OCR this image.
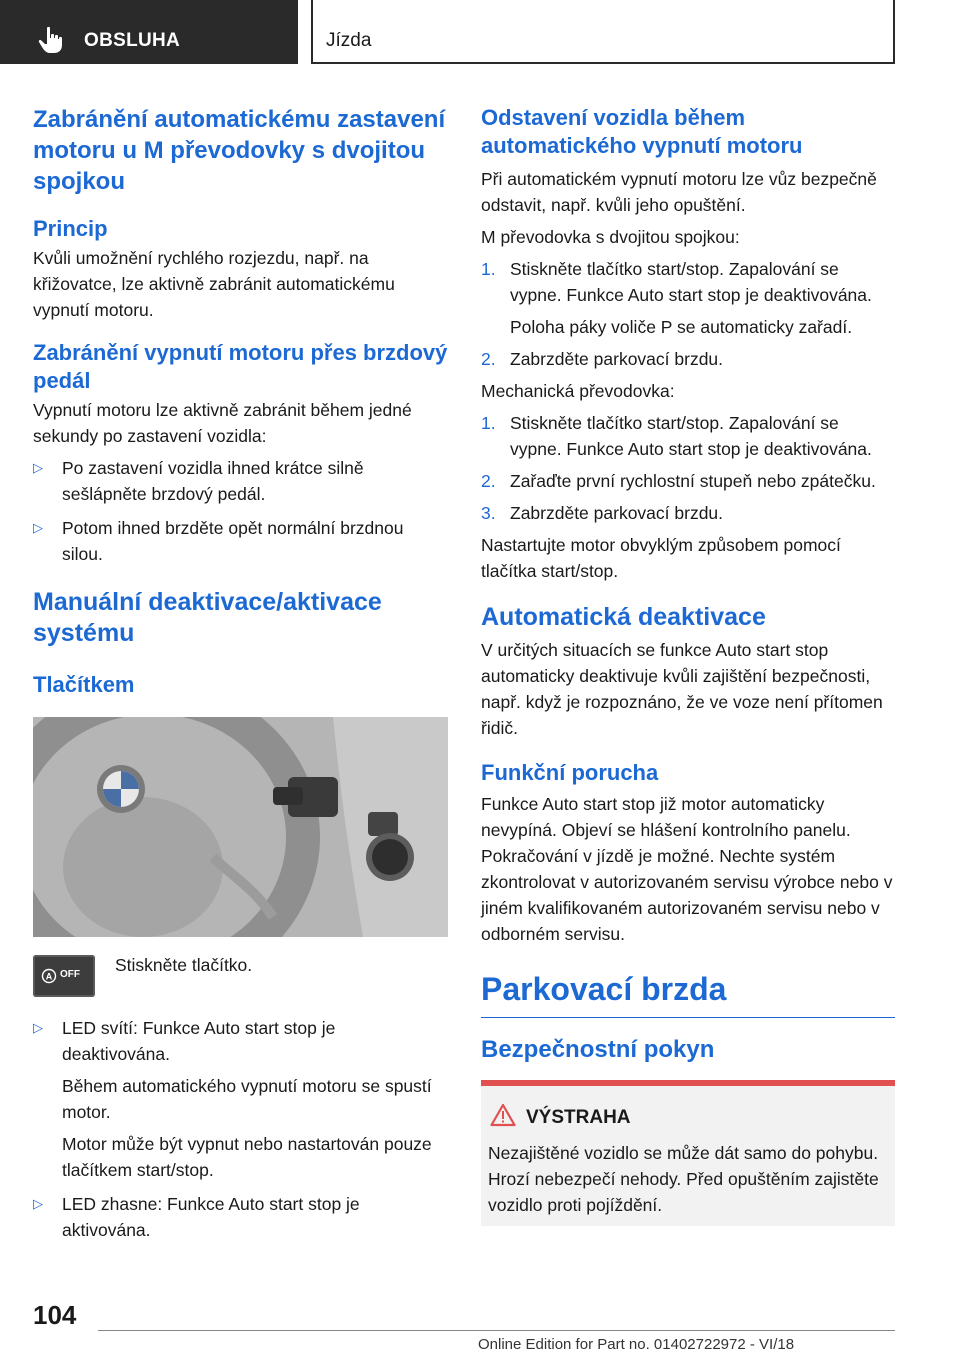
OBSLUHA	Jízda
Zabránění automatickému zastavení motoru u M převodovky s dvojitou spojkou
Princip

Kvůli umožnění rychlého rozjezdu, např. na křižovatce, lze aktivně zabránit automatickému vypnutí motoru.

Zabránění vypnutí motoru přes brzdový pedál

Vypnutí motoru lze aktivně zabránit během jedné sekundy po zastavení vozidla:

▷ Po zastavení vozidla ihned krátce silně sešlápněte brzdový pedál.
▷ Potom ihned brzděte opět normální brzdnou silou.
Manuální deaktivace/aktivace systému
Tlačítkem
A OFF Stiskněte tlačítko.
▷ LED svítí: Funkce Auto start stop je deaktivována.
Během automatického vypnutí motoru se spustí motor.
Motor může být vypnut nebo nastartován pouze tlačítkem start/stop.
▷ LED zhasne: Funkce Auto start stop je aktivována.
Odstavení vozidla během automatického vypnutí motoru

Při automatickém vypnutí motoru lze vůz bezpečně odstavit, např. kvůli jeho opuštění.

M převodovka s dvojitou spojkou:

1. Stiskněte tlačítko start/stop. Zapalování se vypne. Funkce Auto start stop je deaktivována.
Poloha páky voliče P se automaticky zařadí.
2. Zabrzděte parkovací brzdu.

Mechanická převodovka:

1. Stiskněte tlačítko start/stop. Zapalování se vypne. Funkce Auto start stop je deaktivována.
2. Zařaďte první rychlostní stupeň nebo zpátečku.
3. Zabrzděte parkovací brzdu.

Nastartujte motor obvyklým způsobem pomocí tlačítka start/stop.

Automatická deaktivace

V určitých situacích se funkce Auto start stop automaticky deaktivuje kvůli zajištění bezpečnosti, např. když je rozpoznáno, že ve voze není přítomen řidič.

Funkční porucha

Funkce Auto start stop již motor automaticky nevypíná. Objeví se hlášení kontrolního panelu. Pokračování v jízdě je možné. Nechte systém zkontrolovat v autorizovaném servisu výrobce nebo v jiném kvalifikovaném autorizovaném servisu nebo v odborném servisu.

Parkovací brzda
Bezpečnostní pokyn
VÝSTRAHA

Nezajištěné vozidlo se může dát samo do pohybu. Hrozí nebezpečí nehody. Před opuštěním zajistěte vozidlo proti pojíždění.

104
Online Edition for Part no. 01402722972 - VI/18
